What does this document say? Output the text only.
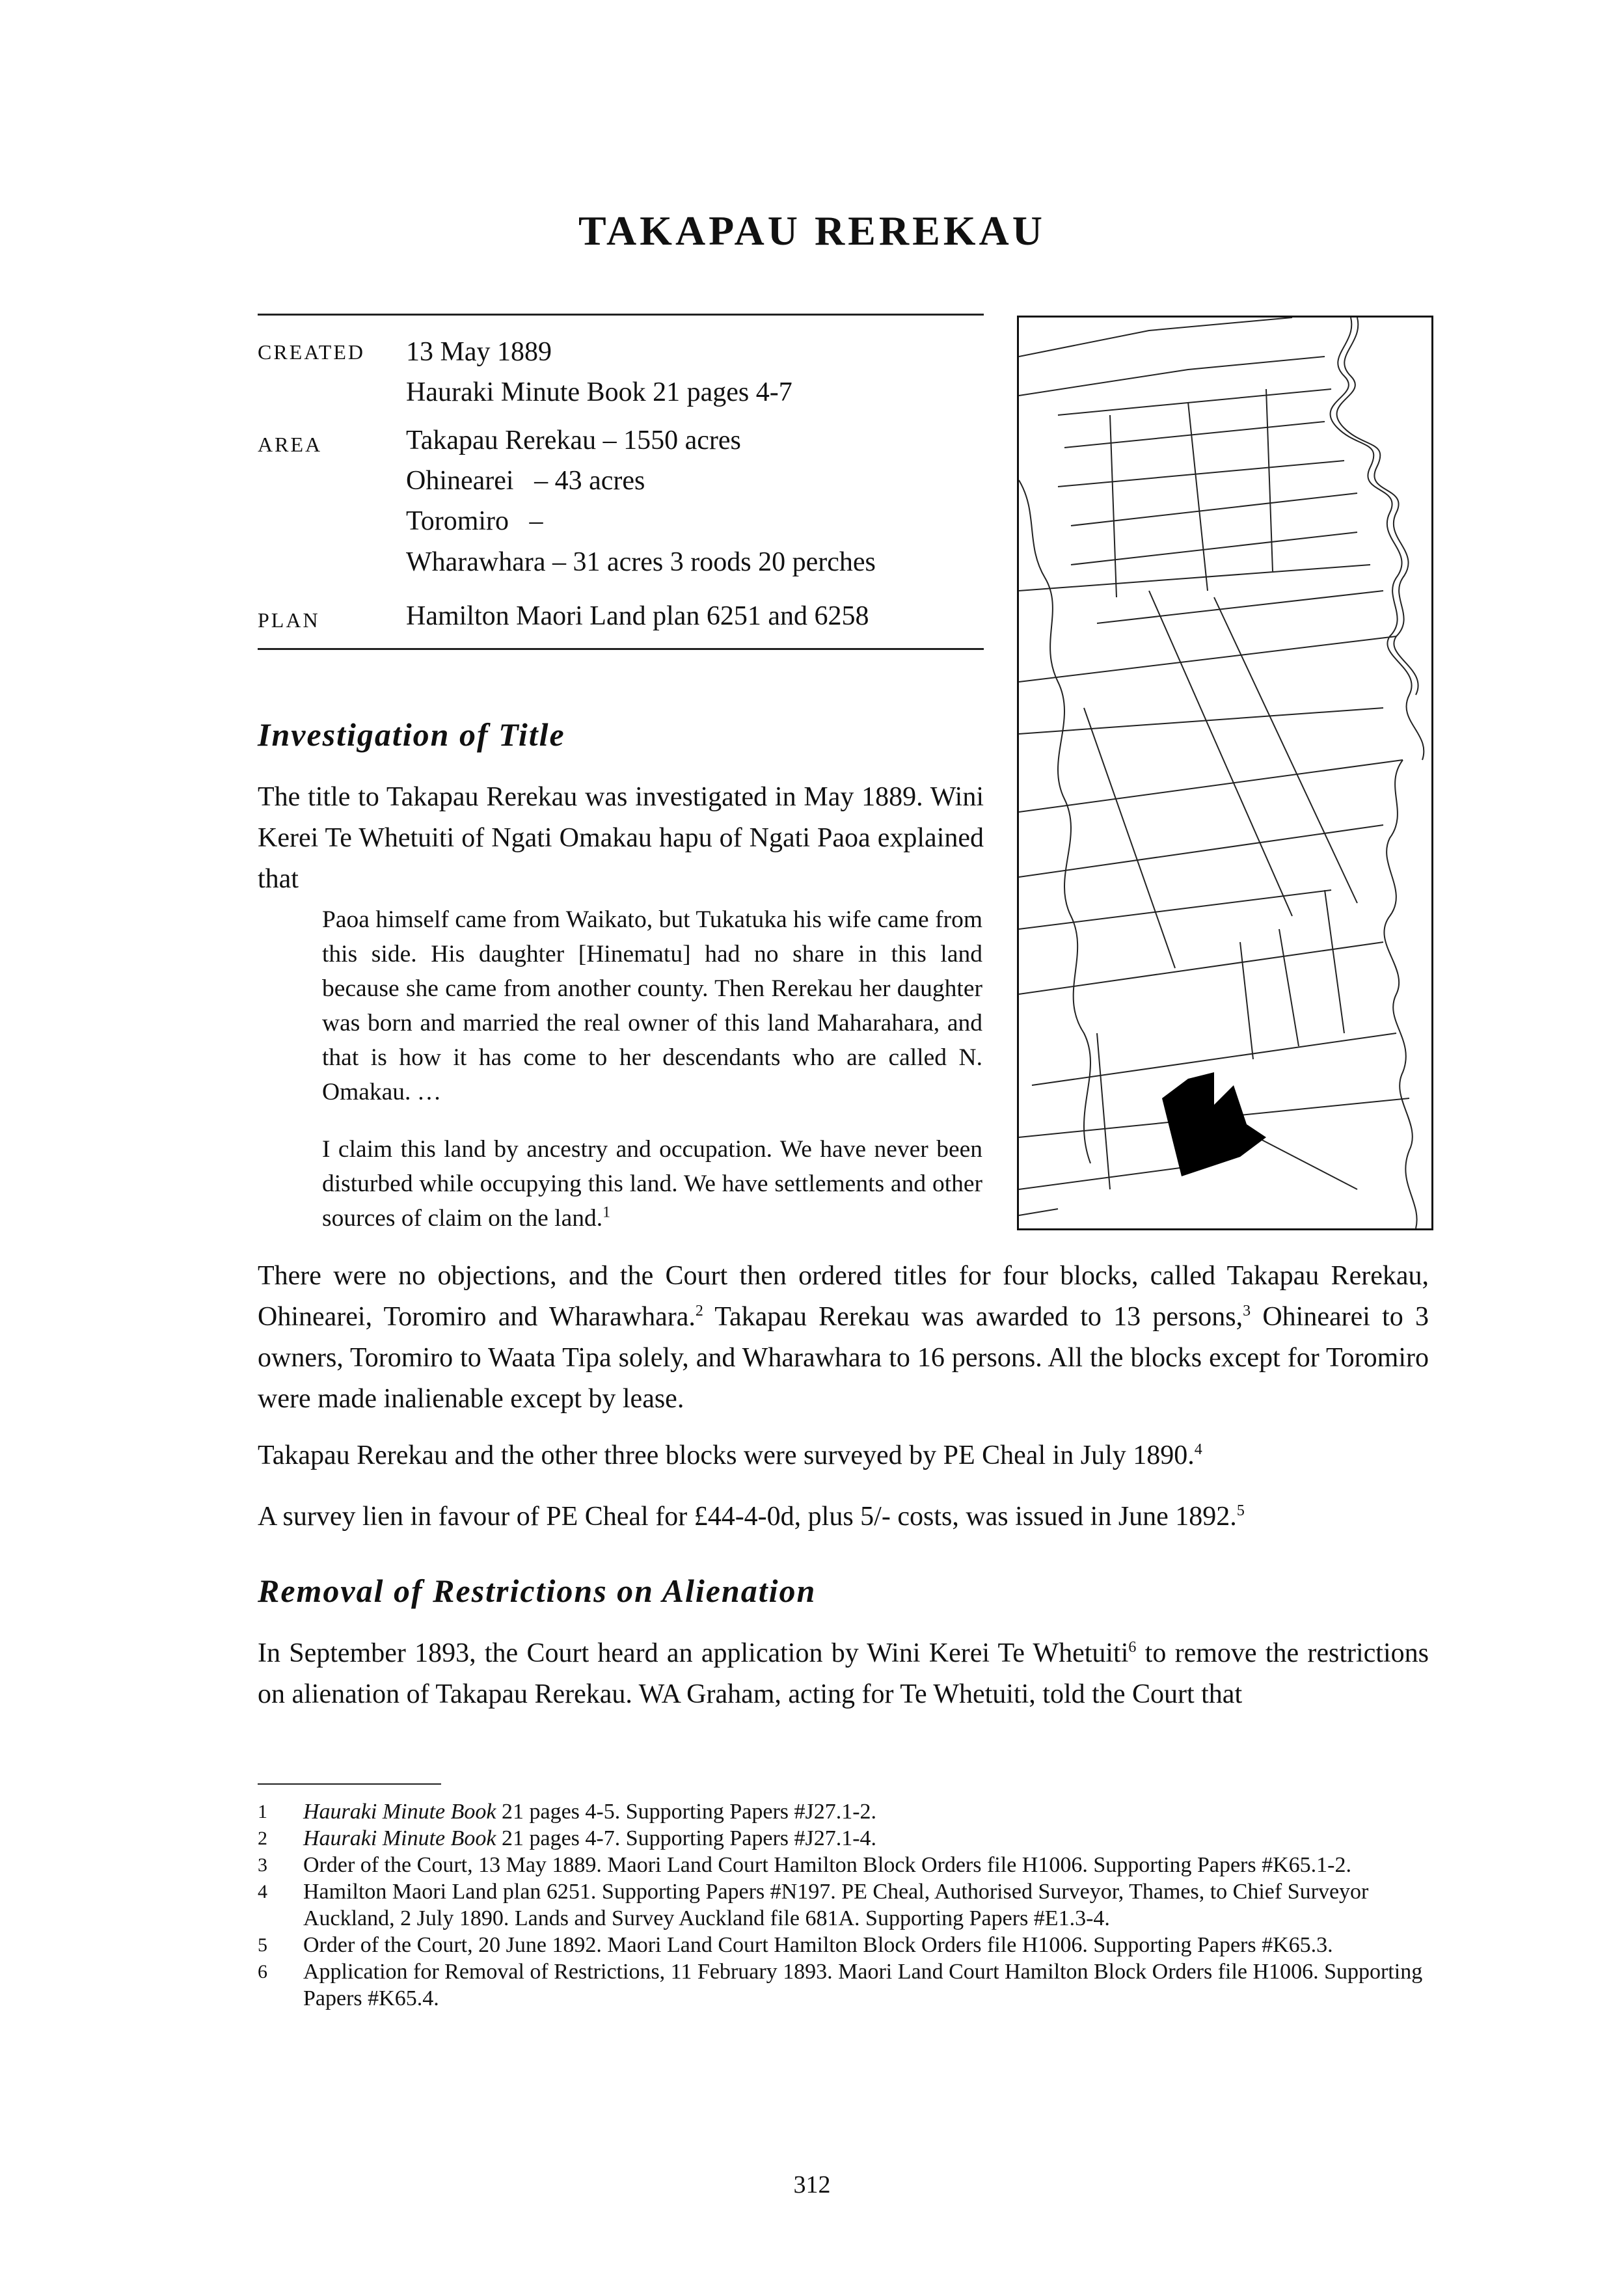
TAKAPAU REREKAU
CREATED 13 May 1889
Hauraki Minute Book 21 pages 4-7
AREA	Takapau Rerekau – 1550 acres
Ohinearei   – 43 acres
Toromiro   –
Wharawhara – 31 acres 3 roods 20 perches
PLAN	Hamilton Maori Land plan 6251 and 6258
Investigation of Title
The title to Takapau Rerekau was investigated in May 1889. Wini Kerei Te Whetuiti of Ngati Omakau hapu of Ngati Paoa explained that
Paoa himself came from Waikato, but Tukatuka his wife came from this side. His daughter [Hinematu] had no share in this land because she came from another county. Then Rerekau her daughter was born and married the real owner of this land Maharahara, and that is how it has come to her descendants who are called N. Omakau. …
I claim this land by ancestry and occupation. We have never been disturbed while occupying this land. We have settlements and other sources of claim on the land.$^1$
There were no objections, and the Court then ordered titles for four blocks, called Takapau Rerekau, Ohinearei, Toromiro and Wharawhara.$^2$ Takapau Rerekau was awarded to 13 persons,$^3$ Ohinearei to 3 owners, Toromiro to Waata Tipa solely, and Wharawhara to 16 persons. All the blocks except for Toromiro were made inalienable except by lease.
Takapau Rerekau and the other three blocks were surveyed by PE Cheal in July 1890.$^4$
A survey lien in favour of PE Cheal for £44-4-0d, plus 5/- costs, was issued in June 1892.$^5$
Removal of Restrictions on Alienation
In September 1893, the Court heard an application by Wini Kerei Te Whetuiti$^6$ to remove the restrictions on alienation of Takapau Rerekau. WA Graham, acting for Te Whetuiti, told the Court that
1	Hauraki Minute Book 21 pages 4-5. Supporting Papers #J27.1-2.
2	Hauraki Minute Book 21 pages 4-7. Supporting Papers #J27.1-4.
3	Order of the Court, 13 May 1889. Maori Land Court Hamilton Block Orders file H1006. Supporting Papers #K65.1-2.
4	Hamilton Maori Land plan 6251. Supporting Papers #N197. PE Cheal, Authorised Surveyor, Thames, to Chief Surveyor Auckland, 2 July 1890. Lands and Survey Auckland file 681A. Supporting Papers #E1.3-4.
5	Order of the Court, 20 June 1892. Maori Land Court Hamilton Block Orders file H1006. Supporting Papers #K65.3.
6	Application for Removal of Restrictions, 11 February 1893. Maori Land Court Hamilton Block Orders file H1006. Supporting Papers #K65.4.
312
